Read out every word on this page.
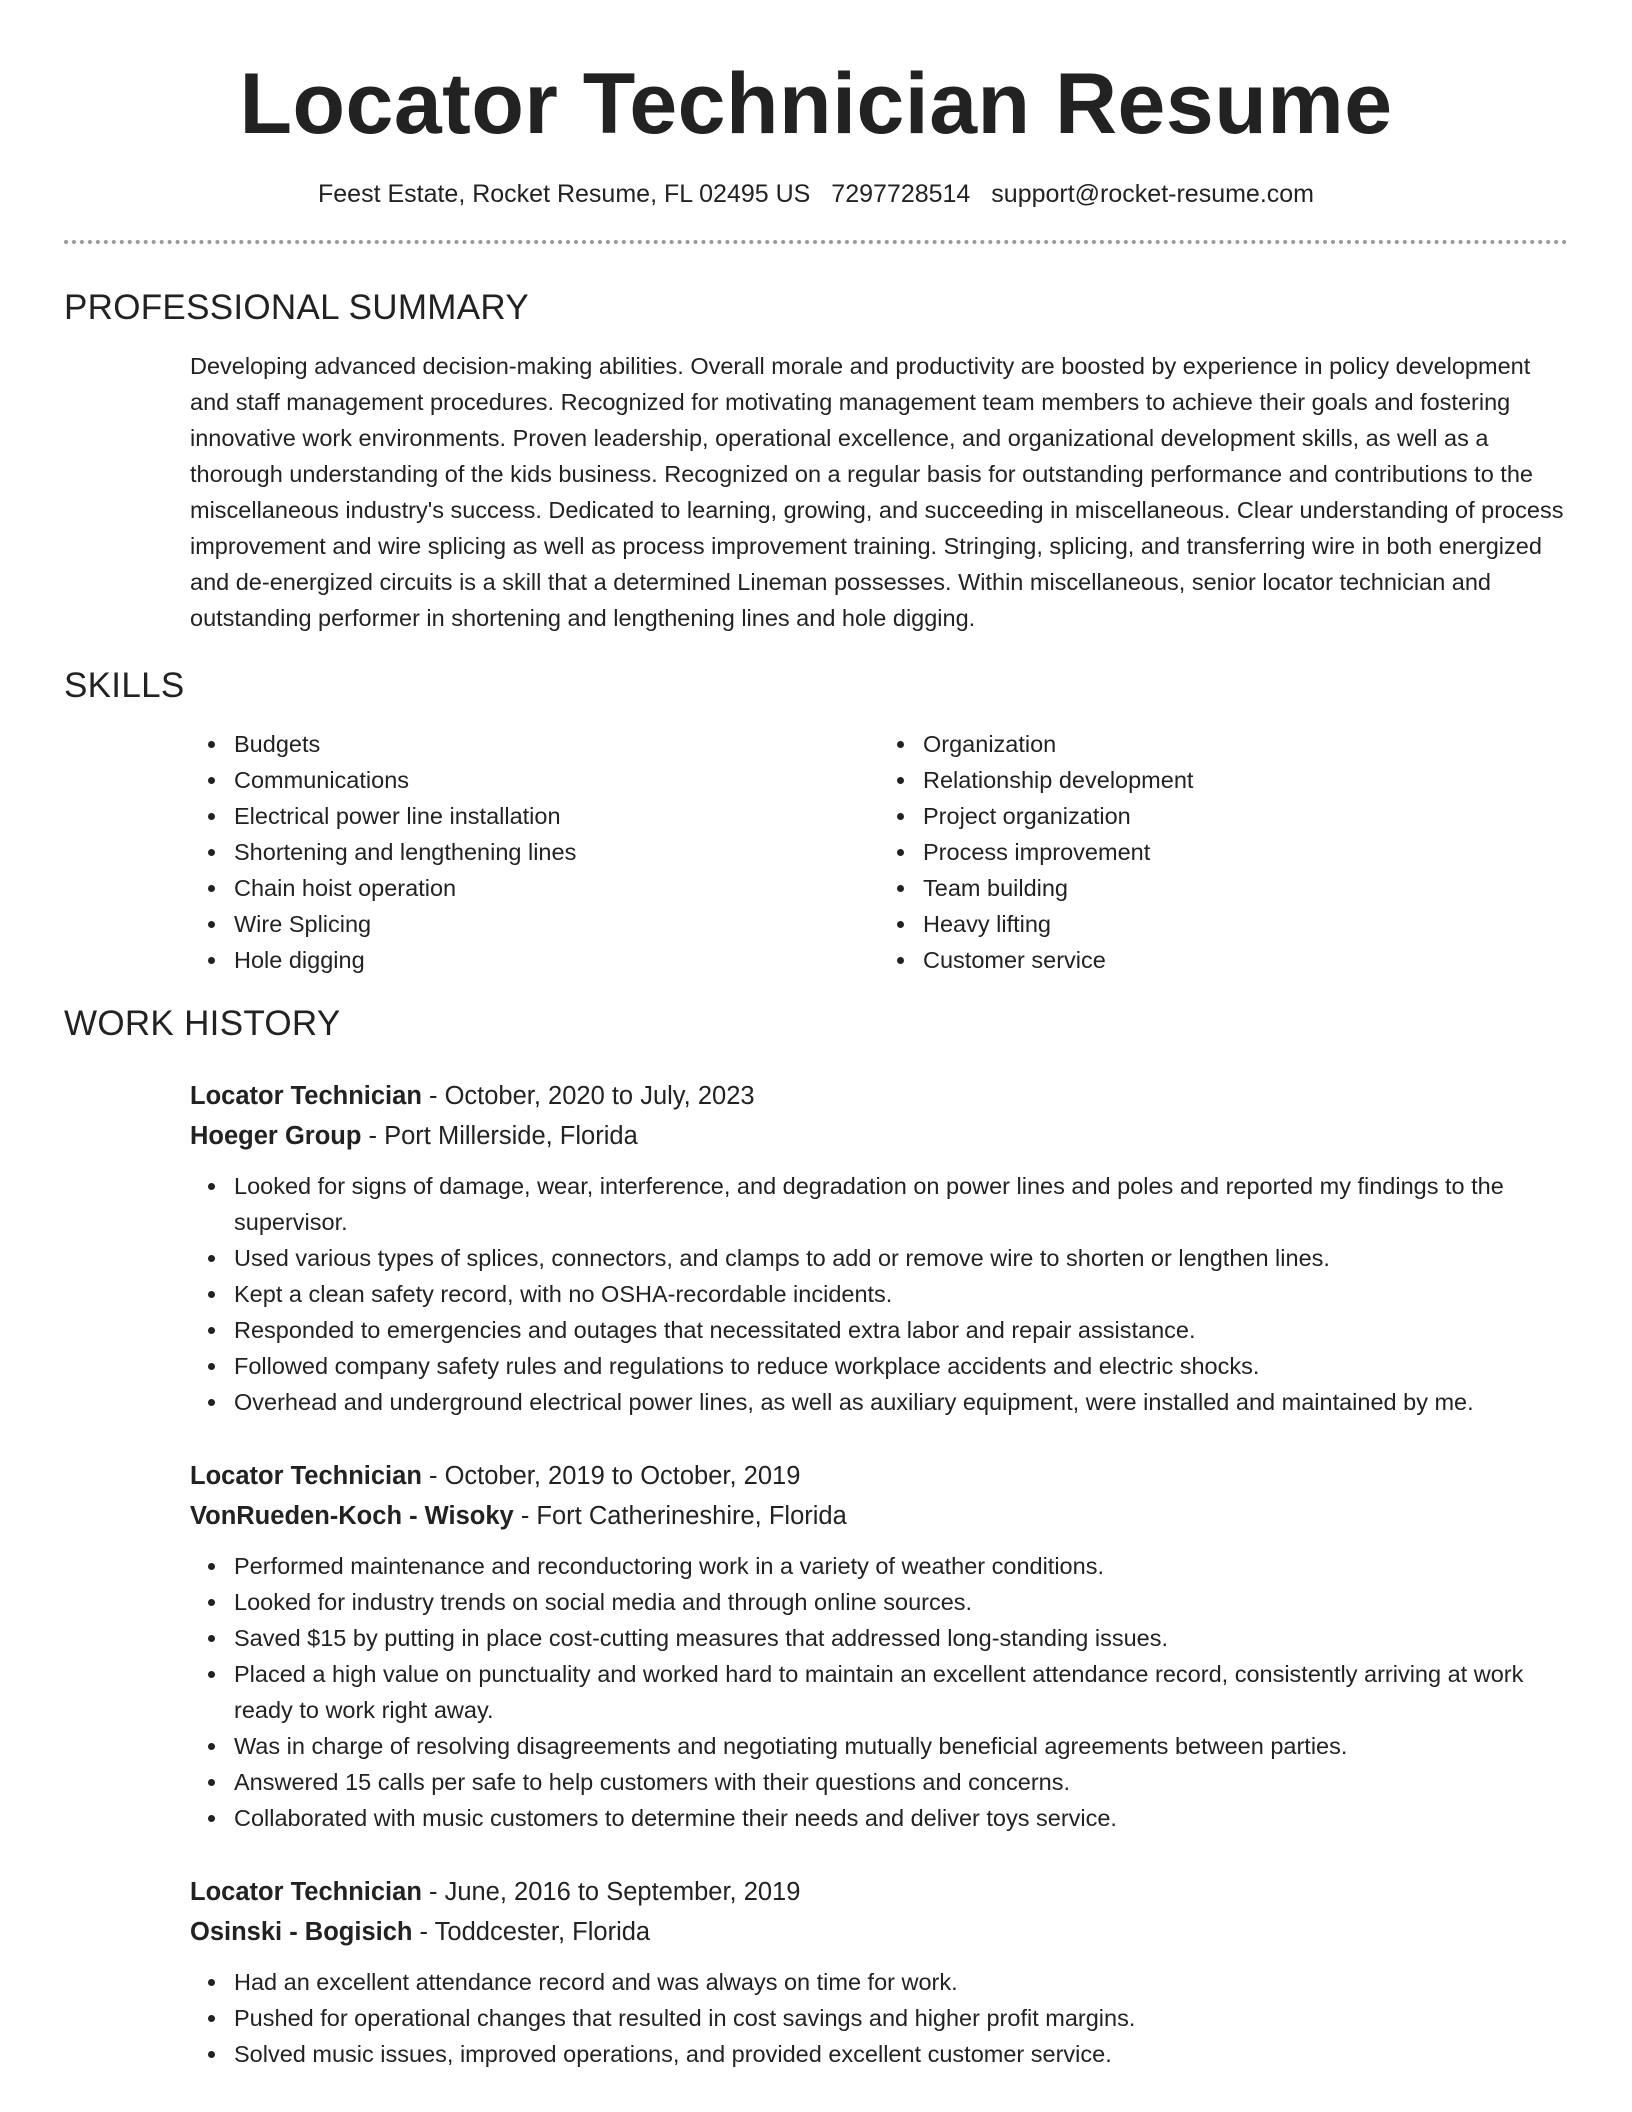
Locator Technician Resume
Feest Estate, Rocket Resume, FL 02495 US 7297728514 support@rocket-resume.com
PROFESSIONAL SUMMARY
Developing advanced decision-making abilities. Overall morale and productivity are boosted by experience in policy development and staff management procedures. Recognized for motivating management team members to achieve their goals and fostering innovative work environments. Proven leadership, operational excellence, and organizational development skills, as well as a thorough understanding of the kids business. Recognized on a regular basis for outstanding performance and contributions to the miscellaneous industry's success. Dedicated to learning, growing, and succeeding in miscellaneous. Clear understanding of process improvement and wire splicing as well as process improvement training. Stringing, splicing, and transferring wire in both energized and de-energized circuits is a skill that a determined Lineman possesses. Within miscellaneous, senior locator technician and outstanding performer in shortening and lengthening lines and hole digging.
SKILLS
Budgets
Communications
Electrical power line installation
Shortening and lengthening lines
Chain hoist operation
Wire Splicing
Hole digging
Organization
Relationship development
Project organization
Process improvement
Team building
Heavy lifting
Customer service
WORK HISTORY
Locator Technician - October, 2020 to July, 2023
Hoeger Group - Port Millerside, Florida
Looked for signs of damage, wear, interference, and degradation on power lines and poles and reported my findings to the supervisor.
Used various types of splices, connectors, and clamps to add or remove wire to shorten or lengthen lines.
Kept a clean safety record, with no OSHA-recordable incidents.
Responded to emergencies and outages that necessitated extra labor and repair assistance.
Followed company safety rules and regulations to reduce workplace accidents and electric shocks.
Overhead and underground electrical power lines, as well as auxiliary equipment, were installed and maintained by me.
Locator Technician - October, 2019 to October, 2019
VonRueden-Koch - Wisoky - Fort Catherineshire, Florida
Performed maintenance and reconductoring work in a variety of weather conditions.
Looked for industry trends on social media and through online sources.
Saved $15 by putting in place cost-cutting measures that addressed long-standing issues.
Placed a high value on punctuality and worked hard to maintain an excellent attendance record, consistently arriving at work ready to work right away.
Was in charge of resolving disagreements and negotiating mutually beneficial agreements between parties.
Answered 15 calls per safe to help customers with their questions and concerns.
Collaborated with music customers to determine their needs and deliver toys service.
Locator Technician - June, 2016 to September, 2019
Osinski - Bogisich - Toddcester, Florida
Had an excellent attendance record and was always on time for work.
Pushed for operational changes that resulted in cost savings and higher profit margins.
Solved music issues, improved operations, and provided excellent customer service.
